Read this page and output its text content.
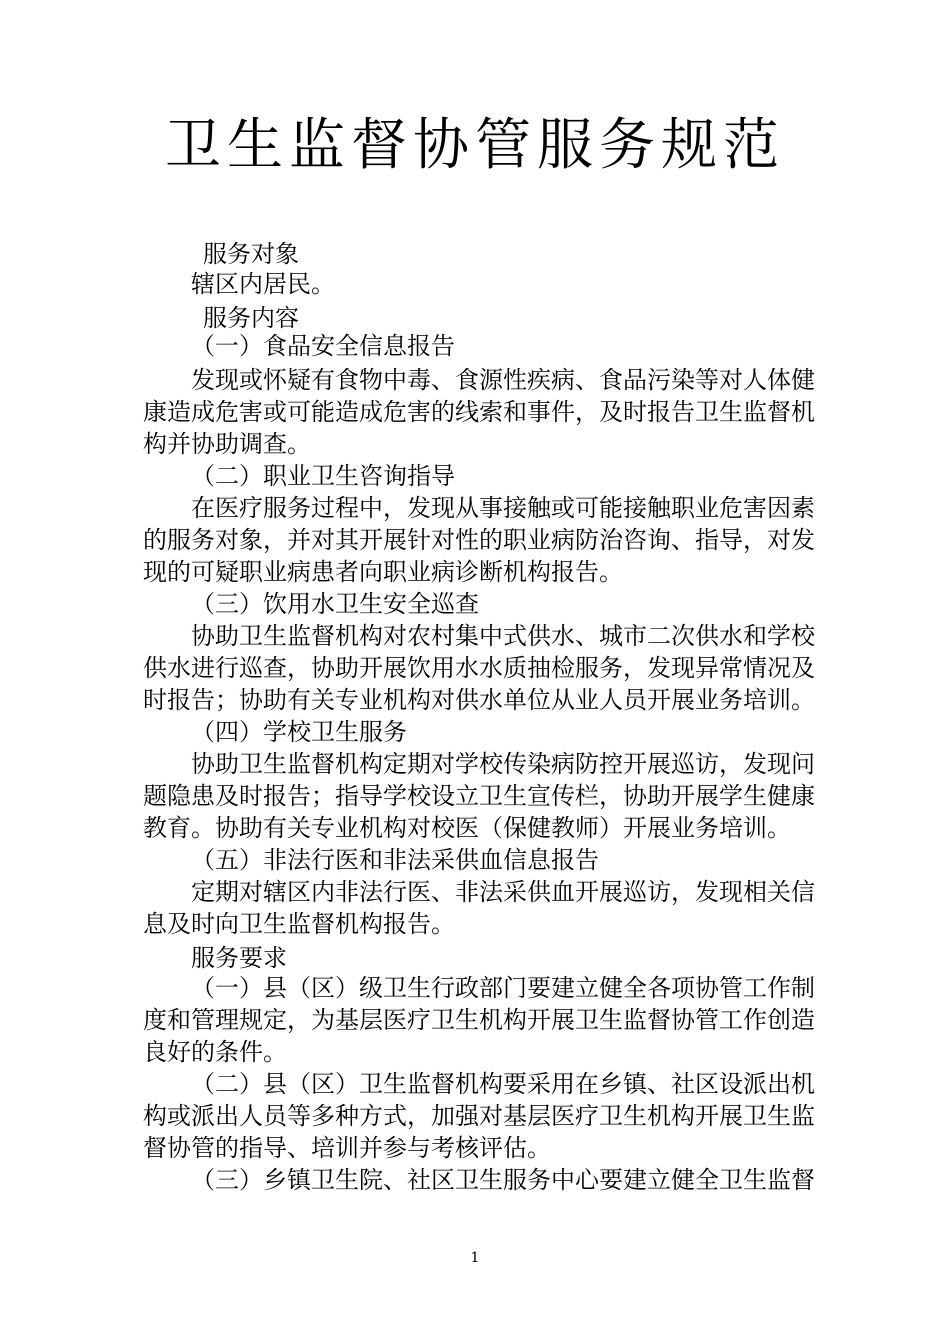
卫生监督协管服务规范

服务对象

辖区内居民。

服务内容

（一）食品安全信息报告

发现或怀疑有食物中毒、食源性疾病、食品污染等对人体健

康造成危害或可能造成危害的线索和事件，及时报告卫生监督机

构并协助调查。

（二）职业卫生咨询指导

在医疗服务过程中，发现从事接触或可能接触职业危害因素

的服务对象，并对其开展针对性的职业病防治咨询、指导，对发

现的可疑职业病患者向职业病诊断机构报告。

（三）饮用水卫生安全巡查

协助卫生监督机构对农村集中式供水、城市二次供水和学校

供水进行巡查，协助开展饮用水水质抽检服务，发现异常情况及

时报告；协助有关专业机构对供水单位从业人员开展业务培训。

（四）学校卫生服务

协助卫生监督机构定期对学校传染病防控开展巡访，发现问

题隐患及时报告；指导学校设立卫生宣传栏，协助开展学生健康

教育。协助有关专业机构对校医（保健教师）开展业务培训。

（五）非法行医和非法采供血信息报告

定期对辖区内非法行医、非法采供血开展巡访，发现相关信

息及时向卫生监督机构报告。

服务要求

（一）县（区）级卫生行政部门要建立健全各项协管工作制

度和管理规定，为基层医疗卫生机构开展卫生监督协管工作创造

良好的条件。

（二）县（区）卫生监督机构要采用在乡镇、社区设派出机

构或派出人员等多种方式，加强对基层医疗卫生机构开展卫生监

督协管的指导、培训并参与考核评估。

（三）乡镇卫生院、社区卫生服务中心要建立健全卫生监督

1
